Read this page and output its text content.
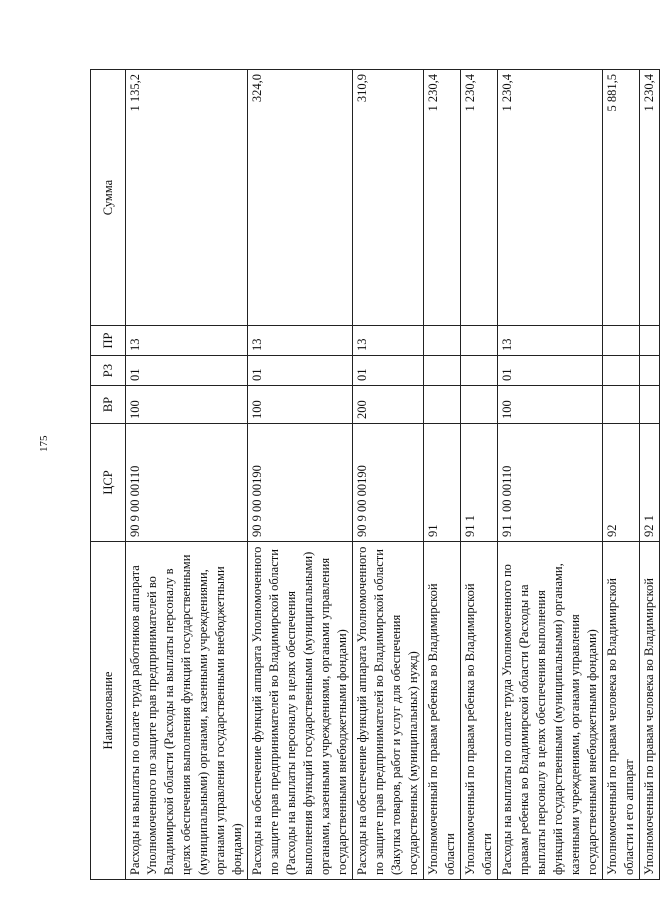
175
Наименование	ЦСР	ВР	РЗ	ПР	Сумма
Расходы на выплаты по оплате труда работников аппарата Уполномоченного по защите прав предпринимателей во Владимирской области (Расходы на выплаты персоналу в целях обеспечения выполнения функций государственными (муниципальными) органами, казенными учреждениями, органами управления государственными внебюджетными фондами)	90 9 00 00110	100	01	13	1 135,2
Расходы на обеспечение функций аппарата Уполномоченного по защите прав предпринимателей во Владимирской области (Расходы на выплаты персоналу в целях обеспечения выполнения функций государственными (муниципальными) органами, казенными учреждениями, органами управления государственными внебюджетными фондами)	90 9 00 00190	100	01	13	324,0
Расходы на обеспечение функций аппарата Уполномоченного по защите прав предпринимателей во Владимирской области (Закупка товаров, работ и услуг для обеспечения государственных (муниципальных) нужд)	90 9 00 00190	200	01	13	310,9
Уполномоченный по правам ребенка во Владимирской области	91				1 230,4
Уполномоченный по правам ребенка во Владимирской области	91 1				1 230,4
Расходы на выплаты по оплате труда Уполномоченного по правам ребенка во Владимирской области (Расходы на выплаты персоналу в целях обеспечения выполнения функций государственными (муниципальными) органами, казенными учреждениями, органами управления государственными внебюджетными фондами)	91 1 00 00110	100	01	13	1 230,4
Уполномоченный по правам человека во Владимирской области и его аппарат	92				5 881,5
Уполномоченный по правам человека во Владимирской	92 1				1 230,4
